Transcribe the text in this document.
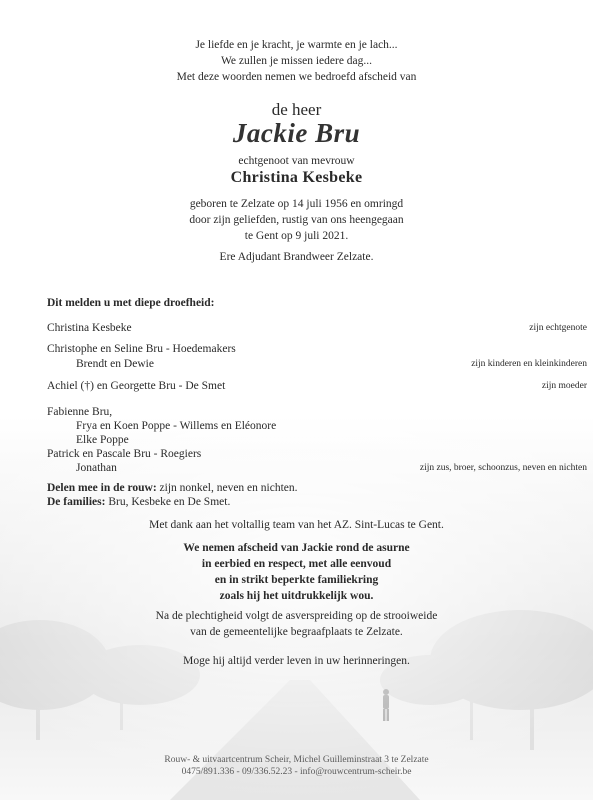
Je liefde en je kracht, je warmte en je lach...
We zullen je missen iedere dag...
Met deze woorden nemen we bedroefd afscheid van
de heer
Jackie Bru
echtgenoot van mevrouw
Christina Kesbeke
geboren te Zelzate op 14 juli 1956 en omringd
door zijn geliefden, rustig van ons heengegaan
te Gent op 9 juli 2021.
Ere Adjudant Brandweer Zelzate.
Dit melden u met diepe droefheid:
Christina Kesbeke	zijn echtgenote
Christophe en Seline Bru - Hoedemakers
Brendt en Dewie	zijn kinderen en kleinkinderen
Achiel (†) en Georgette Bru - De Smet	zijn moeder
Fabienne Bru,
Frya en Koen Poppe - Willems en Eléonore
Elke Poppe
Patrick en Pascale Bru - Roegiers
Jonathan	zijn zus, broer, schoonzus, neven en nichten
Delen mee in de rouw: zijn nonkel, neven en nichten.
De families: Bru, Kesbeke en De Smet.
Met dank aan het voltallig team van het AZ. Sint-Lucas te Gent.
We nemen afscheid van Jackie rond de asurne
in eerbied en respect, met alle eenvoud
en in strikt beperkte familiekring
zoals hij het uitdrukkelijk wou.
Na de plechtigheid volgt de asverspreiding op de strooiweide
van de gemeentelijke begraafplaats te Zelzate.
Moge hij altijd verder leven in uw herinneringen.
Rouw- & uitvaartcentrum Scheir, Michel Guilleminstraat 3 te Zelzate
0475/891.336 - 09/336.52.23 - info@rouwcentrum-scheir.be
